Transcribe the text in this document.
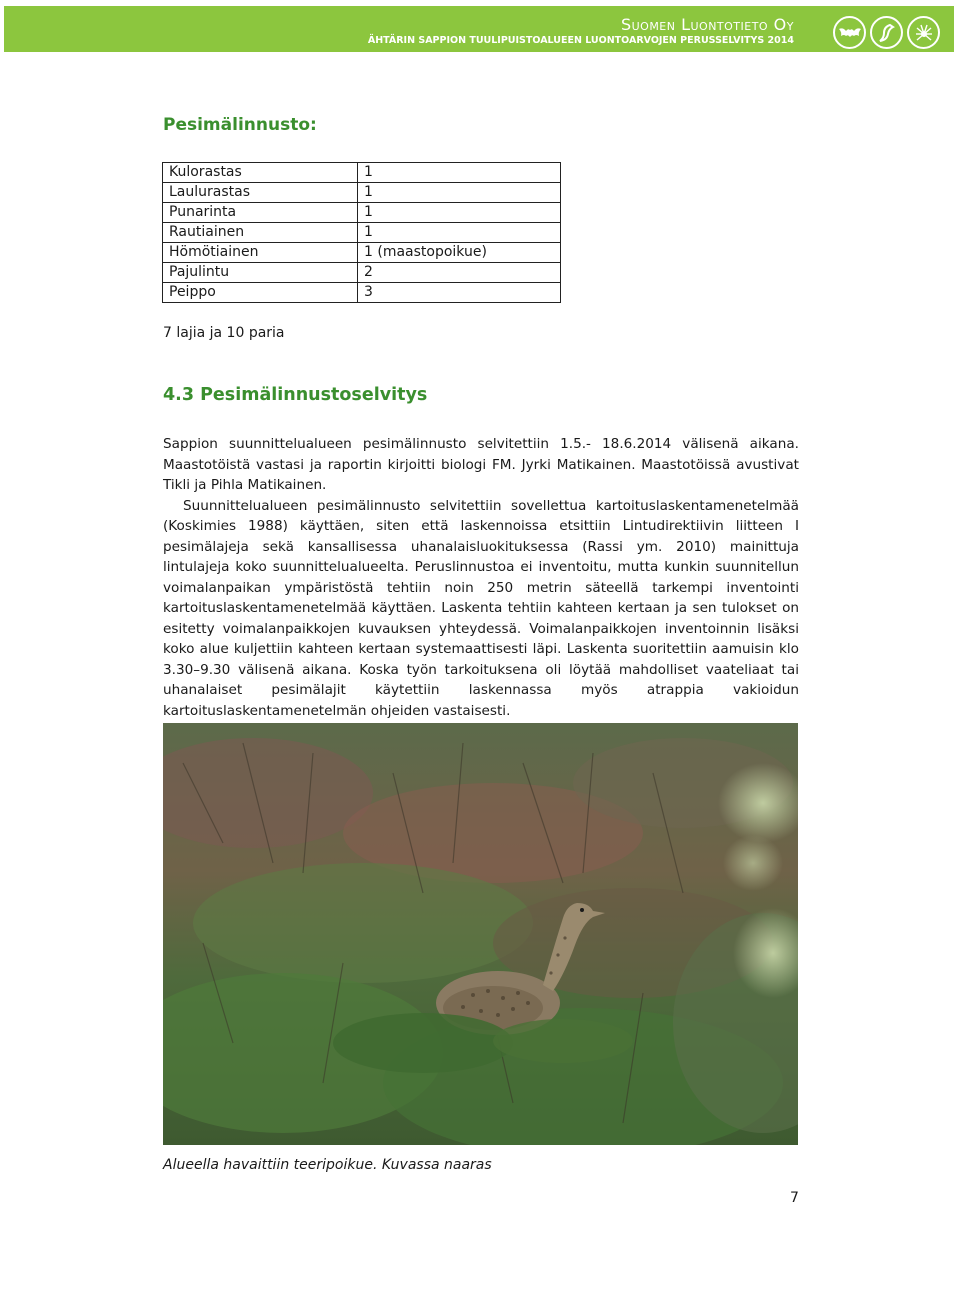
Suomen Luontotieto Oy
ÄHTÄRIN SAPPION TUULIPUISTOALUEEN LUONTOARVOJEN PERUSSELVITYS 2014
Pesimälinnusto:
Kulorastas	1
Laulurastas	1
Punarinta	1
Rautiainen	1
Hömötiainen	1 (maastopoikue)
Pajulintu	2
Peippo	3

7 lajia ja 10 paria

4.3 Pesimälinnustoselvitys

Sappion suunnittelualueen pesimälinnusto selvitettiin 1.5.- 18.6.2014 välisenä aikana. Maastotöistä vastasi ja raportin kirjoitti biologi FM. Jyrki Matikainen. Maastotöissä avustivat Tikli ja Pihla Matikainen.

Suunnittelualueen pesimälinnusto selvitettiin sovellettua kartoituslaskentamenetelmää (Koskimies 1988) käyttäen, siten että laskennoissa etsittiin Lintudirektiivin liitteen I pesimälajeja sekä kansallisessa uhanalaisluokituksessa (Rassi ym. 2010) mainittuja lintulajeja koko suunnittelualueelta. Peruslinnustoa ei inventoitu, mutta kunkin suunnitellun voimalanpaikan ympäristöstä tehtiin noin 250 metrin säteellä tarkempi inventointi kartoituslaskentamenetelmää käyttäen. Laskenta tehtiin kahteen kertaan ja sen tulokset on esitetty voimalanpaikkojen kuvauksen yhteydessä. Voimalanpaikkojen inventoinnin lisäksi koko alue kuljettiin kahteen kertaan systemaattisesti läpi. Laskenta suoritettiin aamuisin klo 3.30–9.30 välisenä aikana. Koska työn tarkoituksena oli löytää mahdolliset vaateliaat tai uhanalaiset pesimälajit käytettiin laskennassa myös atrappia vakioidun kartoituslaskentamenetelmän ohjeiden vastaisesti.

Alueella havaittiin teeripoikue. Kuvassa naaras

7
